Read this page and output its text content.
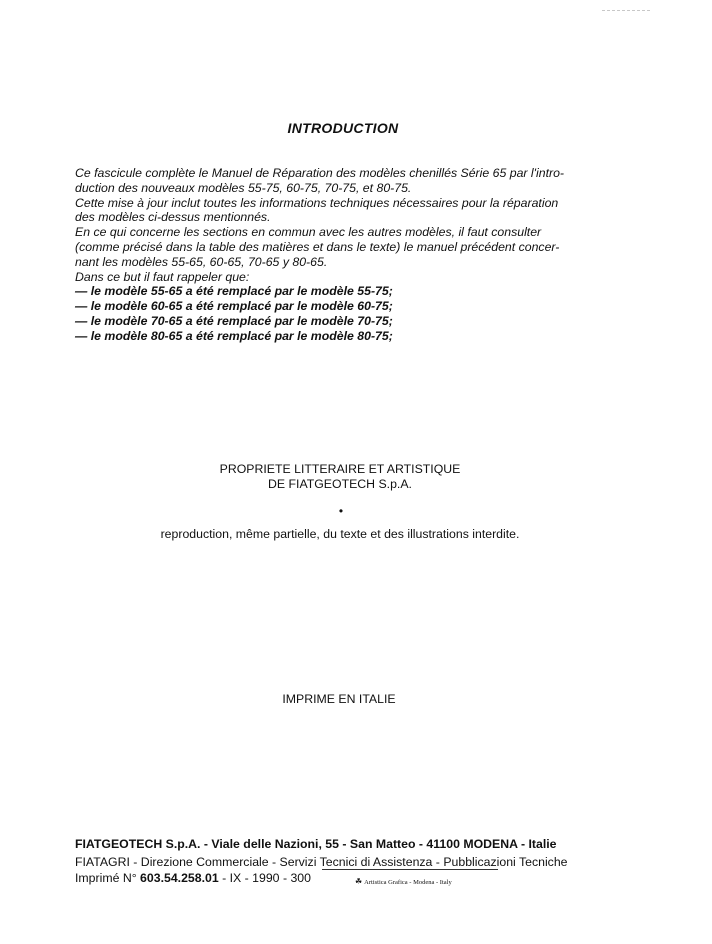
INTRODUCTION
Ce fascicule complète le Manuel de Réparation des modèles chenillés Série 65 par l'intro-
duction des nouveaux modèles 55-75, 60-75, 70-75, et 80-75.
Cette mise à jour inclut toutes les informations techniques nécessaires pour la réparation
des modèles ci-dessus mentionnés.
En ce qui concerne les sections en commun avec les autres modèles, il faut consulter
(comme précisé dans la table des matières et dans le texte) le manuel précédent concer-
nant les modèles 55-65, 60-65, 70-65 y 80-65.
Dans ce but il faut rappeler que:
— le modèle 55-65 a été remplacé par le modèle 55-75;
— le modèle 60-65 a été remplacé par le modèle 60-75;
— le modèle 70-65 a été remplacé par le modèle 70-75;
— le modèle 80-65 a été remplacé par le modèle 80-75;
PROPRIETE LITTERAIRE ET ARTISTIQUE
DE FIATGEOTECH S.p.A.
•
reproduction, même partielle, du texte et des illustrations interdite.
IMPRIME EN ITALIE
FIATGEOTECH S.p.A. - Viale delle Nazioni, 55 - San Matteo - 41100 MODENA - Italie
FIATAGRI - Direzione Commerciale - Servizi Tecnici di Assistenza - Pubblicazioni Tecniche
Imprimé N° 603.54.258.01 - IX - 1990 - 300	☘ Artistica Grafica - Modena - Italy
